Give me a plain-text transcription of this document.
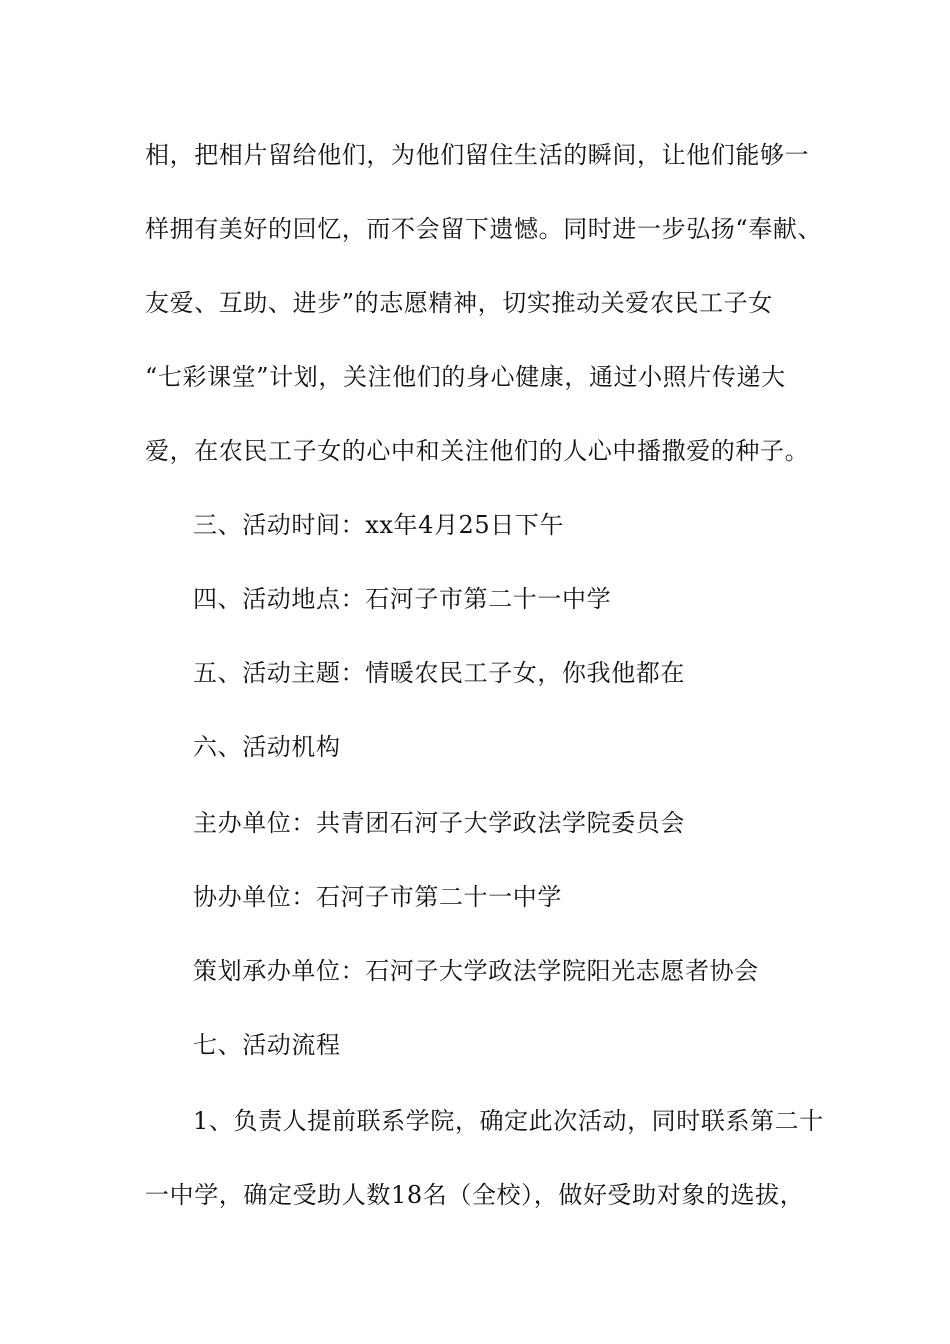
相，把相片留给他们，为他们留住生活的瞬间，让他们能够一
样拥有美好的回忆，而不会留下遗憾。同时进一步弘扬“奉献、
友爱、互助、进步”的志愿精神，切实推动关爱农民工子女
“七彩课堂”计划，关注他们的身心健康，通过小照片传递大
爱，在农民工子女的心中和关注他们的人心中播撒爱的种子。
三、活动时间：xx年4月25日下午
四、活动地点：石河子市第二十一中学
五、活动主题：情暖农民工子女，你我他都在
六、活动机构
主办单位：共青团石河子大学政法学院委员会
协办单位：石河子市第二十一中学
策划承办单位：石河子大学政法学院阳光志愿者协会
七、活动流程
1、负责人提前联系学院，确定此次活动，同时联系第二十
一中学，确定受助人数18名（全校），做好受助对象的选拔，
